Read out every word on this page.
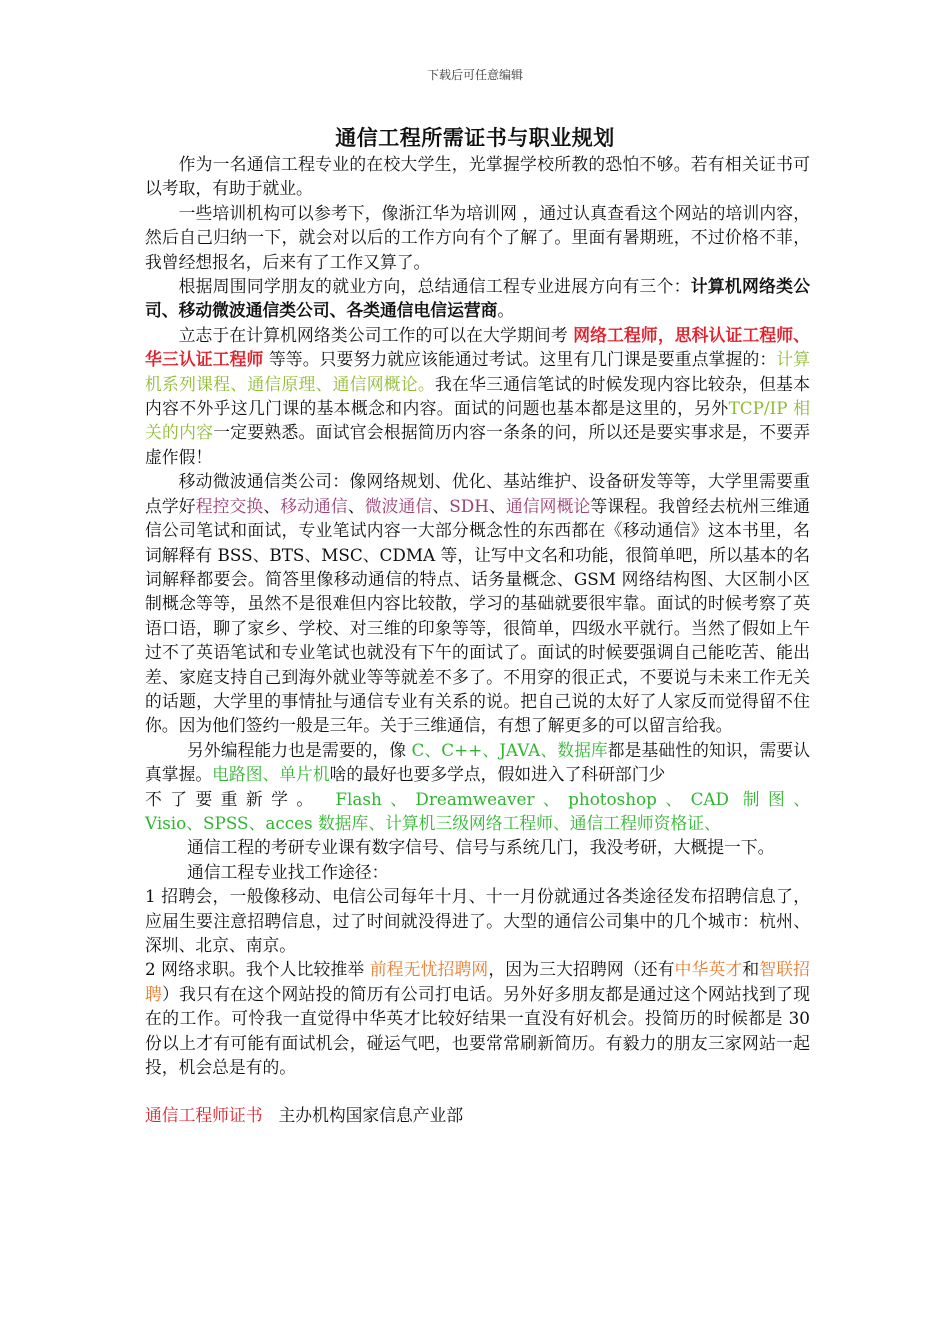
下载后可任意编辑
通信工程所需证书与职业规划

作为一名通信工程专业的在校大学生，光掌握学校所教的恐怕不够。若有相关证书可以考取，有助于就业。

一些培训机构可以参考下，像浙江华为培训网 ，通过认真查看这个网站的培训内容，然后自己归纳一下，就会对以后的工作方向有个了解了。里面有暑期班，不过价格不菲，我曾经想报名，后来有了工作又算了。

根据周围同学朋友的就业方向，总结通信工程专业进展方向有三个：计算机网络类公司、移动微波通信类公司、各类通信电信运营商。

立志于在计算机网络类公司工作的可以在大学期间考 网络工程师，思科认证工程师、华三认证工程师 等等。只要努力就应该能通过考试。这里有几门课是要重点掌握的：计算机系列课程、通信原理、通信网概论。我在华三通信笔试的时候发现内容比较杂，但基本内容不外乎这几门课的基本概念和内容。面试的问题也基本都是这里的，另外TCP/IP 相关的内容一定要熟悉。面试官会根据简历内容一条条的问，所以还是要实事求是，不要弄虚作假！

移动微波通信类公司：像网络规划、优化、基站维护、设备研发等等，大学里需要重点学好程控交换、移动通信、微波通信、SDH、通信网概论等课程。我曾经去杭州三维通信公司笔试和面试，专业笔试内容一大部分概念性的东西都在《移动通信》这本书里，名词解释有 BSS、BTS、MSC、CDMA 等，让写中文名和功能，很简单吧，所以基本的名词解释都要会。简答里像移动通信的特点、话务量概念、GSM 网络结构图、大区制小区制概念等等，虽然不是很难但内容比较散，学习的基础就要很牢靠。面试的时候考察了英语口语，聊了家乡、学校、对三维的印象等等，很简单，四级水平就行。当然了假如上午过不了英语笔试和专业笔试也就没有下午的面试了。面试的时候要强调自己能吃苦、能出差、家庭支持自己到海外就业等等就差不多了。不用穿的很正式，不要说与未来工作无关的话题，大学里的事情扯与通信专业有关系的说。把自己说的太好了人家反而觉得留不住你。因为他们签约一般是三年。关于三维通信，有想了解更多的可以留言给我。

另外编程能力也是需要的，像 C、C++、JAVA、数据库都是基础性的知识，需要认真掌握。电路图、单片机啥的最好也要多学点，假如进入了科研部门少

不了要重新学。 Flash、Dreamweaver、photoshop、CAD 制图、

Visio、SPSS、acces 数据库、计算机三级网络工程师、通信工程师资格证、

通信工程的考研专业课有数字信号、信号与系统几门，我没考研，大概提一下。

通信工程专业找工作途径：

1 招聘会，一般像移动、电信公司每年十月、十一月份就通过各类途径发布招聘信息了，应届生要注意招聘信息，过了时间就没得进了。大型的通信公司集中的几个城市：杭州、深圳、北京、南京。

2 网络求职。我个人比较推举 前程无忧招聘网，因为三大招聘网（还有中华英才和智联招聘）我只有在这个网站投的简历有公司打电话。另外好多朋友都是通过这个网站找到了现在的工作。可怜我一直觉得中华英才比较好结果一直没有好机会。投简历的时候都是 30 份以上才有可能有面试机会，碰运气吧，也要常常刷新简历。有毅力的朋友三家网站一起投，机会总是有的。

通信工程师证书 主办机构国家信息产业部
